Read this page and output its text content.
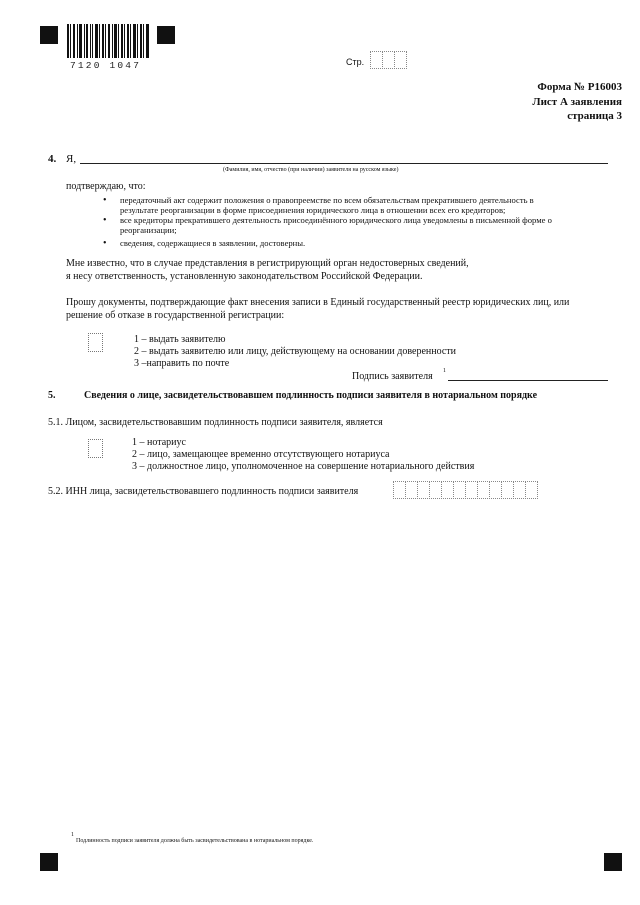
7120 1047	Стр.
Форма № Р16003
Лист А заявления
страница 3
4. Я,
(Фамилия, имя, отчество (при наличии) заявителя на русском языке)
подтверждаю, что:
• передаточный акт содержит положения о правопреемстве по всем обязательствам прекратившего деятельность в
результате реорганизации в форме присоединения юридического лица в отношении всех его кредиторов;
• все кредиторы прекратившего деятельность присоединённого юридического лица уведомлены в письменной форме о
реорганизации;
• сведения, содержащиеся в заявлении, достоверны.
Мне известно, что в случае представления в регистрирующий орган недостоверных сведений,
я несу ответственность, установленную законодательством Российской Федерации.
Прошу документы, подтверждающие факт внесения записи в Единый государственный реестр юридических лиц, или
решение об отказе в государственной регистрации:
1 – выдать заявителю
2 – выдать заявителю или лицу, действующему на основании доверенности
3 –направить по почте
Подпись заявителя 1
5.	Сведения о лице, засвидетельствовавшем подлинность подписи заявителя в нотариальном порядке
5.1. Лицом, засвидетельствовавшим подлинность подписи заявителя, является
1 – нотариус
2 – лицо, замещающее временно отсутствующего нотариуса
3 – должностное лицо, уполномоченное на совершение нотариального действия
5.2. ИНН лица, засвидетельствовавшего подлинность подписи заявителя
1
Подлинность подписи заявителя должна быть засвидетельствована в нотариальном порядке.
